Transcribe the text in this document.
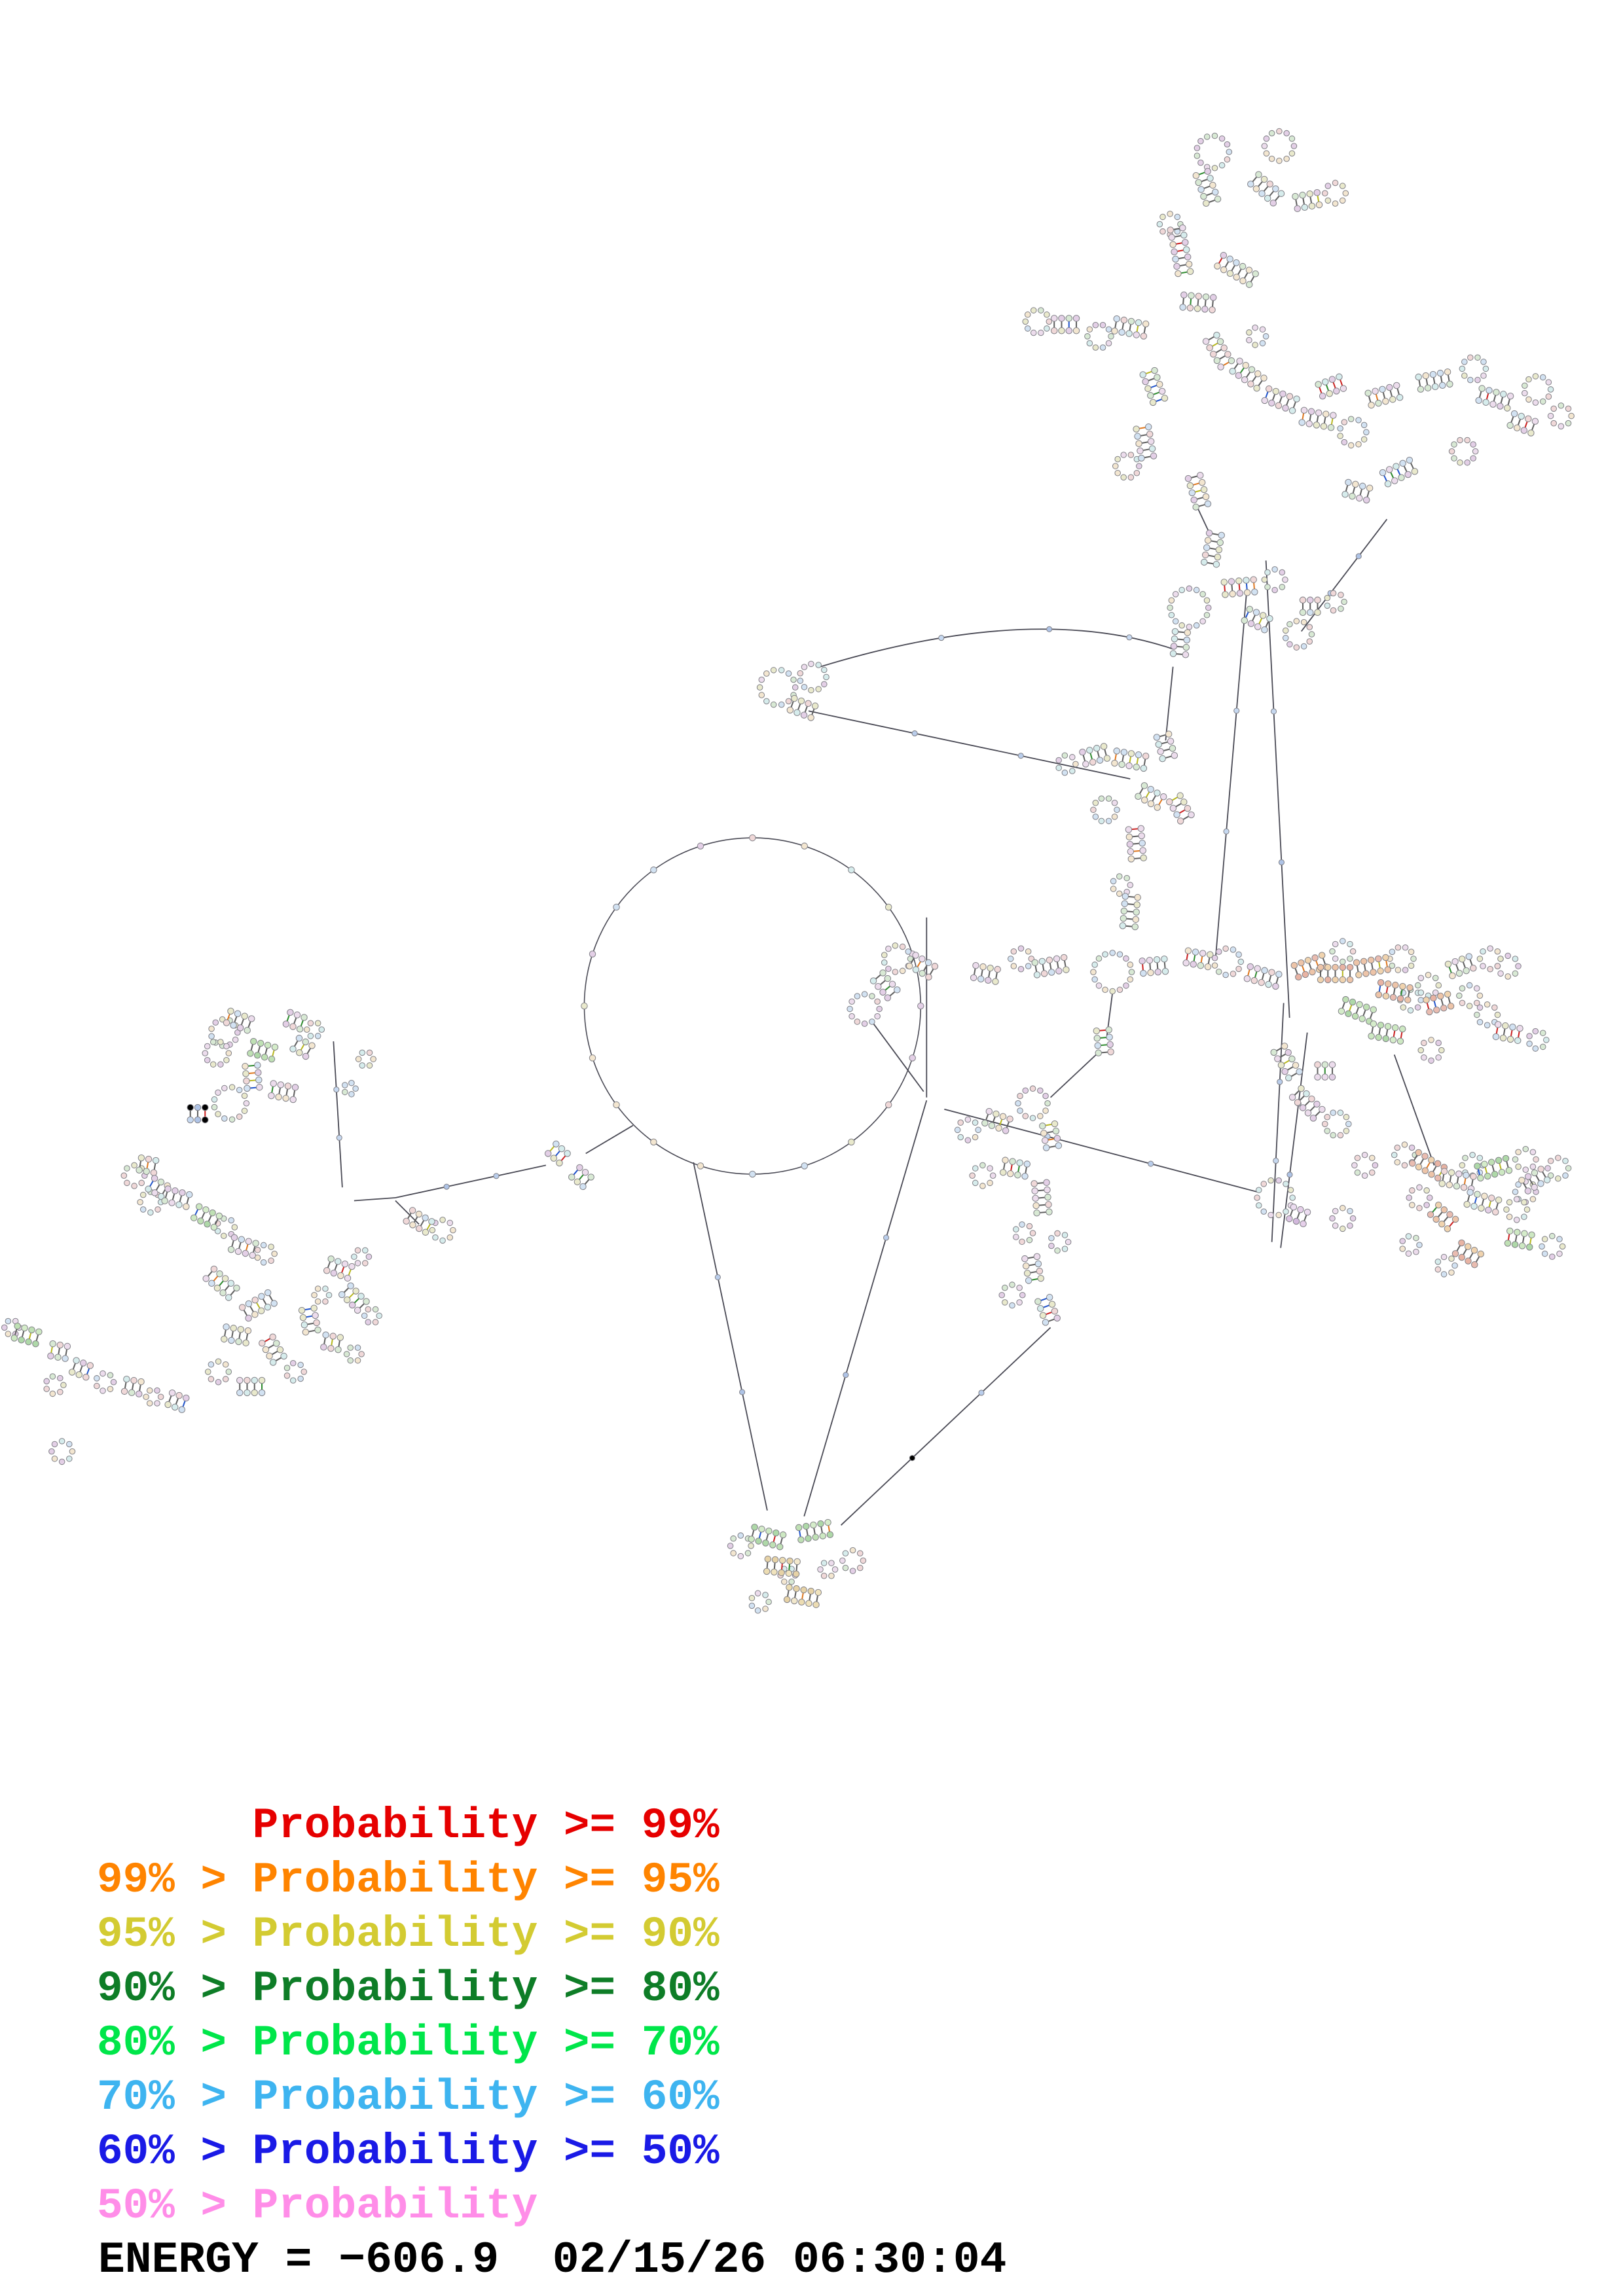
Probability >= 99%
99% > Probability >= 95%
95% > Probability >= 90%
90% > Probability >= 80%
80% > Probability >= 70%
70% > Probability >= 60%
60% > Probability >= 50%
50% > Probability
ENERGY = −606.9  02/15/26 06:30:04
